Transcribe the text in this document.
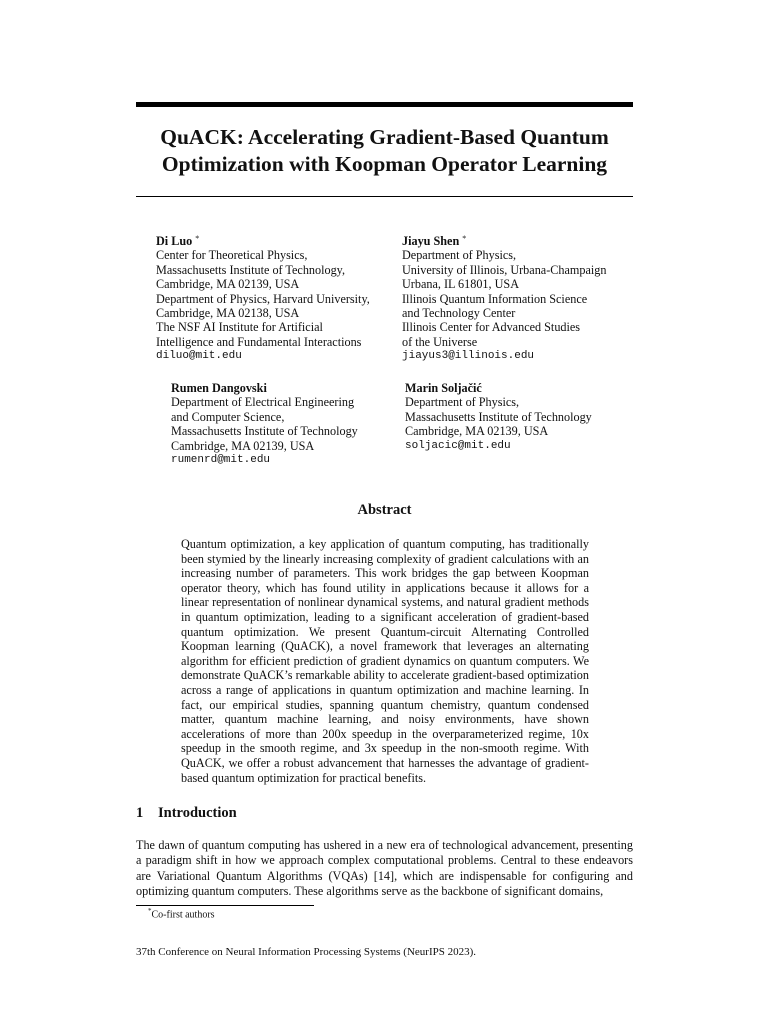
QuACK: Accelerating Gradient-Based Quantum
Optimization with Koopman Operator Learning
Di Luo *
Center for Theoretical Physics,
Massachusetts Institute of Technology,
Cambridge, MA 02139, USA
Department of Physics, Harvard University,
Cambridge, MA 02138, USA
The NSF AI Institute for Artificial
Intelligence and Fundamental Interactions
diluo@mit.edu
Jiayu Shen *
Department of Physics,
University of Illinois, Urbana-Champaign
Urbana, IL 61801, USA
Illinois Quantum Information Science
and Technology Center
Illinois Center for Advanced Studies
of the Universe
jiayus3@illinois.edu
Rumen Dangovski
Department of Electrical Engineering
and Computer Science,
Massachusetts Institute of Technology
Cambridge, MA 02139, USA
rumenrd@mit.edu
Marin Soljačić
Department of Physics,
Massachusetts Institute of Technology
Cambridge, MA 02139, USA
soljacic@mit.edu
Abstract
Quantum optimization, a key application of quantum computing, has traditionally been stymied by the linearly increasing complexity of gradient calculations with an increasing number of parameters. This work bridges the gap between Koopman operator theory, which has found utility in applications because it allows for a linear representation of nonlinear dynamical systems, and natural gradient methods in quantum optimization, leading to a significant acceleration of gradient-based quantum optimization. We present Quantum-circuit Alternating Controlled Koopman learning (QuACK), a novel framework that leverages an alternating algorithm for efficient prediction of gradient dynamics on quantum computers. We demonstrate QuACK’s remarkable ability to accelerate gradient-based optimization across a range of applications in quantum optimization and machine learning. In fact, our empirical studies, spanning quantum chemistry, quantum condensed matter, quantum machine learning, and noisy environments, have shown accelerations of more than 200x speedup in the overparameterized regime, 10x speedup in the smooth regime, and 3x speedup in the non-smooth regime. With QuACK, we offer a robust advancement that harnesses the advantage of gradient-based quantum optimization for practical benefits.
1 Introduction
The dawn of quantum computing has ushered in a new era of technological advancement, presenting a paradigm shift in how we approach complex computational problems. Central to these endeavors are Variational Quantum Algorithms (VQAs) [14], which are indispensable for configuring and optimizing quantum computers. These algorithms serve as the backbone of significant domains,
*Co-first authors
37th Conference on Neural Information Processing Systems (NeurIPS 2023).
